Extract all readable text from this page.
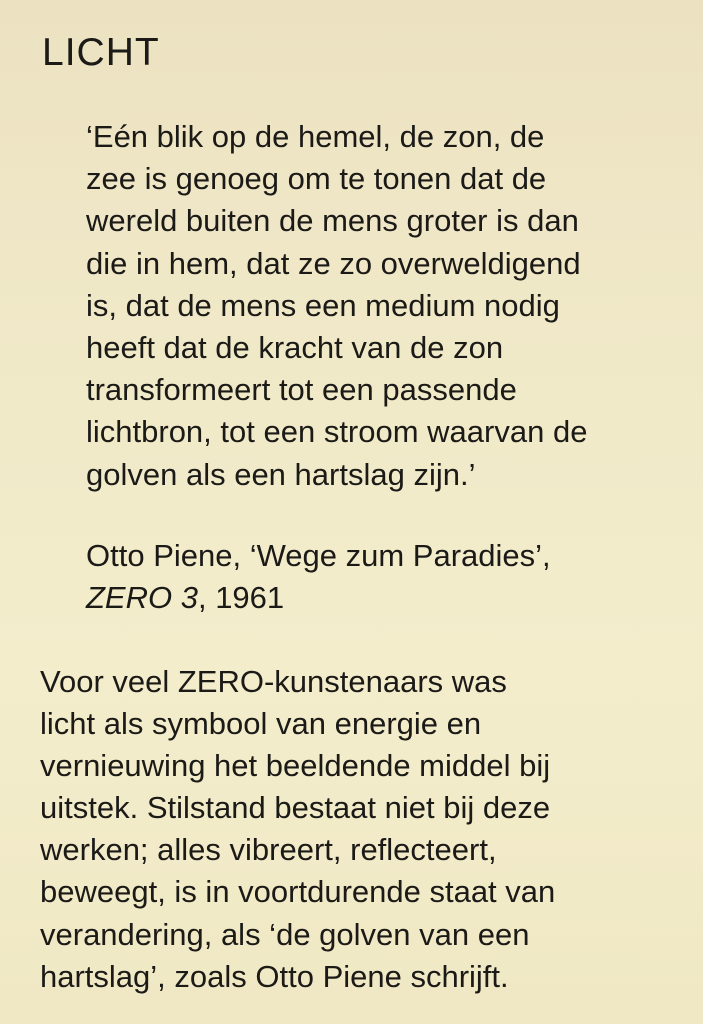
LICHT
‘Eén blik op de hemel, de zon, de
zee is genoeg om te tonen dat de
wereld buiten de mens groter is dan
die in hem, dat ze zo overweldigend
is, dat de mens een medium nodig
heeft dat de kracht van de zon
transformeert tot een passende
lichtbron, tot een stroom waarvan de
golven als een hartslag zijn.’
Otto Piene, ‘Wege zum Paradies’,
ZERO 3, 1961
Voor veel ZERO-kunstenaars was
licht als symbool van energie en
vernieuwing het beeldende middel bij
uitstek. Stilstand bestaat niet bij deze
werken; alles vibreert, reflecteert,
beweegt, is in voortdurende staat van
verandering, als ‘de golven van een
hartslag’, zoals Otto Piene schrijft.
